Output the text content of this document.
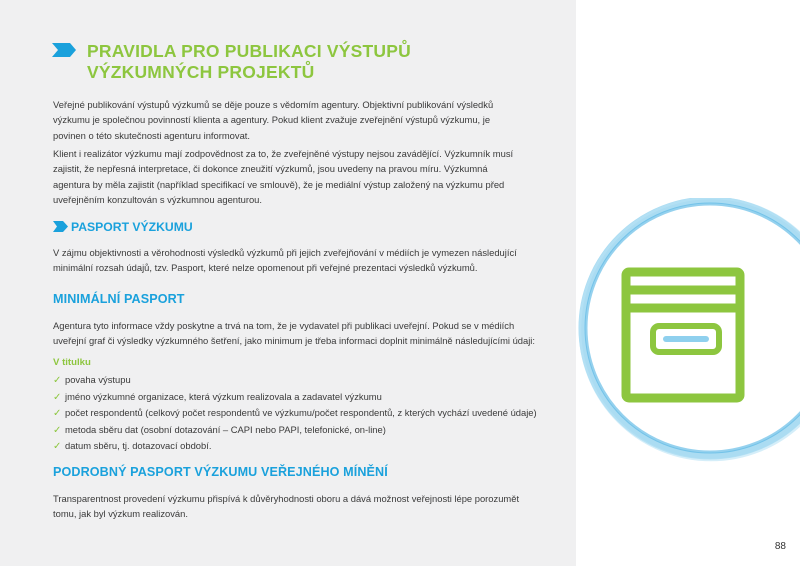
PRAVIDLA PRO PUBLIKACI VÝSTUPŮ VÝZKUMNÝCH PROJEKTŮ

Veřejné publikování výstupů výzkumů se děje pouze s vědomím agentury. Objektivní publikování výsledků výzkumu je společnou povinností klienta a agentury. Pokud klient zvažuje zveřejnění výstupů výzkumu, je povinen o této skutečnosti agenturu informovat.

Klient i realizátor výzkumu mají zodpovědnost za to, že zveřejněné výstupy nejsou zavádějící. Výzkumník musí zajistit, že nepřesná interpretace, či dokonce zneužití výzkumů, jsou uvedeny na pravou míru. Výzkumná agentura by měla zajistit (například specifikací ve smlouvě), že je mediální výstup založený na výzkumu před uveřejněním konzultován s výzkumnou agenturou.

PASPORT VÝZKUMU

V zájmu objektivnosti a věrohodnosti výsledků výzkumů při jejich zveřejňování v médiích je vymezen následující minimální rozsah údajů, tzv. Pasport, které nelze opomenout při veřejné prezentaci výsledků výzkumů.

MINIMÁLNÍ PASPORT

Agentura tyto informace vždy poskytne a trvá na tom, že je vydavatel při publikaci uveřejní. Pokud se v médiích uveřejní graf či výsledky výzkumného šetření, jako minimum je třeba informaci doplnit minimálně následujícími údaji:

V titulku
✓ povaha výstupu
✓ jméno výzkumné organizace, která výzkum realizovala a zadavatel výzkumu
✓ počet respondentů (celkový počet respondentů ve výzkumu/počet respondentů, z kterých vychází uvedené údaje)
✓ metoda sběru dat (osobní dotazování – CAPI nebo PAPI, telefonické, on-line)
✓ datum sběru, tj. dotazovací období.
PODROBNÝ PASPORT VÝZKUMU VEŘEJNÉHO MÍNĚNÍ

Transparentnost provedení výzkumu přispívá k důvěryhodnosti oboru a dává možnost veřejnosti lépe porozumět tomu, jak byl výzkum realizován.

88
